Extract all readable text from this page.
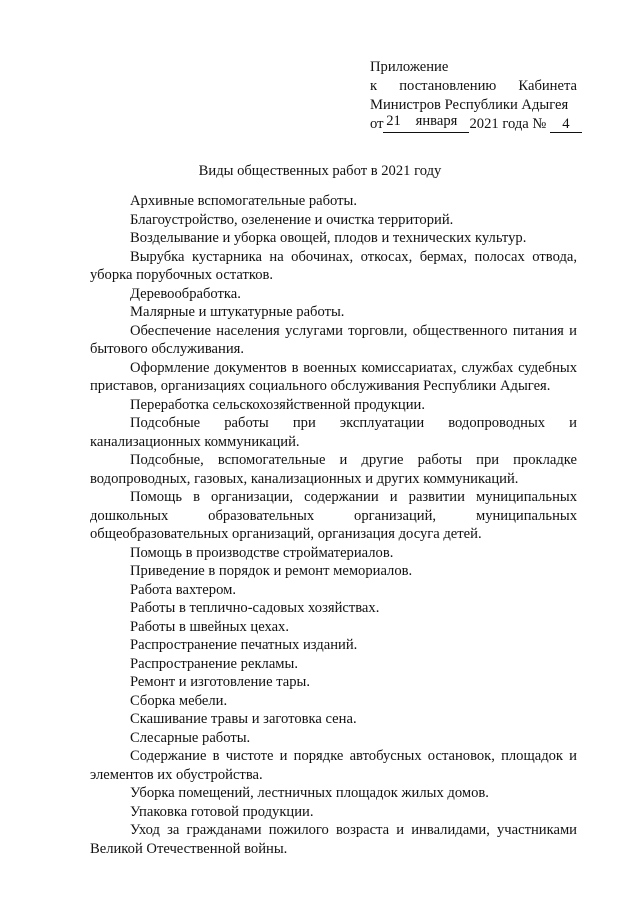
Приложение
к постановлению Кабинета
Министров Республики Адыгея
от 21 января 2021 года № 4
Виды общественных работ в 2021 году
Архивные вспомогательные работы.
Благоустройство, озеленение и очистка территорий.
Возделывание и уборка овощей, плодов и технических культур.
Вырубка кустарника на обочинах, откосах, бермах, полосах отвода, уборка порубочных остатков.
Деревообработка.
Малярные и штукатурные работы.
Обеспечение населения услугами торговли, общественного питания и бытового обслуживания.
Оформление документов в военных комиссариатах, службах судебных приставов, организациях социального обслуживания Республики Адыгея.
Переработка сельскохозяйственной продукции.
Подсобные работы при эксплуатации водопроводных и канализационных коммуникаций.
Подсобные, вспомогательные и другие работы при прокладке водопроводных, газовых, канализационных и других коммуникаций.
Помощь в организации, содержании и развитии муниципальных дошкольных образовательных организаций, муниципальных общеобразовательных организаций, организация досуга детей.
Помощь в производстве стройматериалов.
Приведение в порядок и ремонт мемориалов.
Работа вахтером.
Работы в теплично-садовых хозяйствах.
Работы в швейных цехах.
Распространение печатных изданий.
Распространение рекламы.
Ремонт и изготовление тары.
Сборка мебели.
Скашивание травы и заготовка сена.
Слесарные работы.
Содержание в чистоте и порядке автобусных остановок, площадок и элементов их обустройства.
Уборка помещений, лестничных площадок жилых домов.
Упаковка готовой продукции.
Уход за гражданами пожилого возраста и инвалидами, участниками Великой Отечественной войны.
